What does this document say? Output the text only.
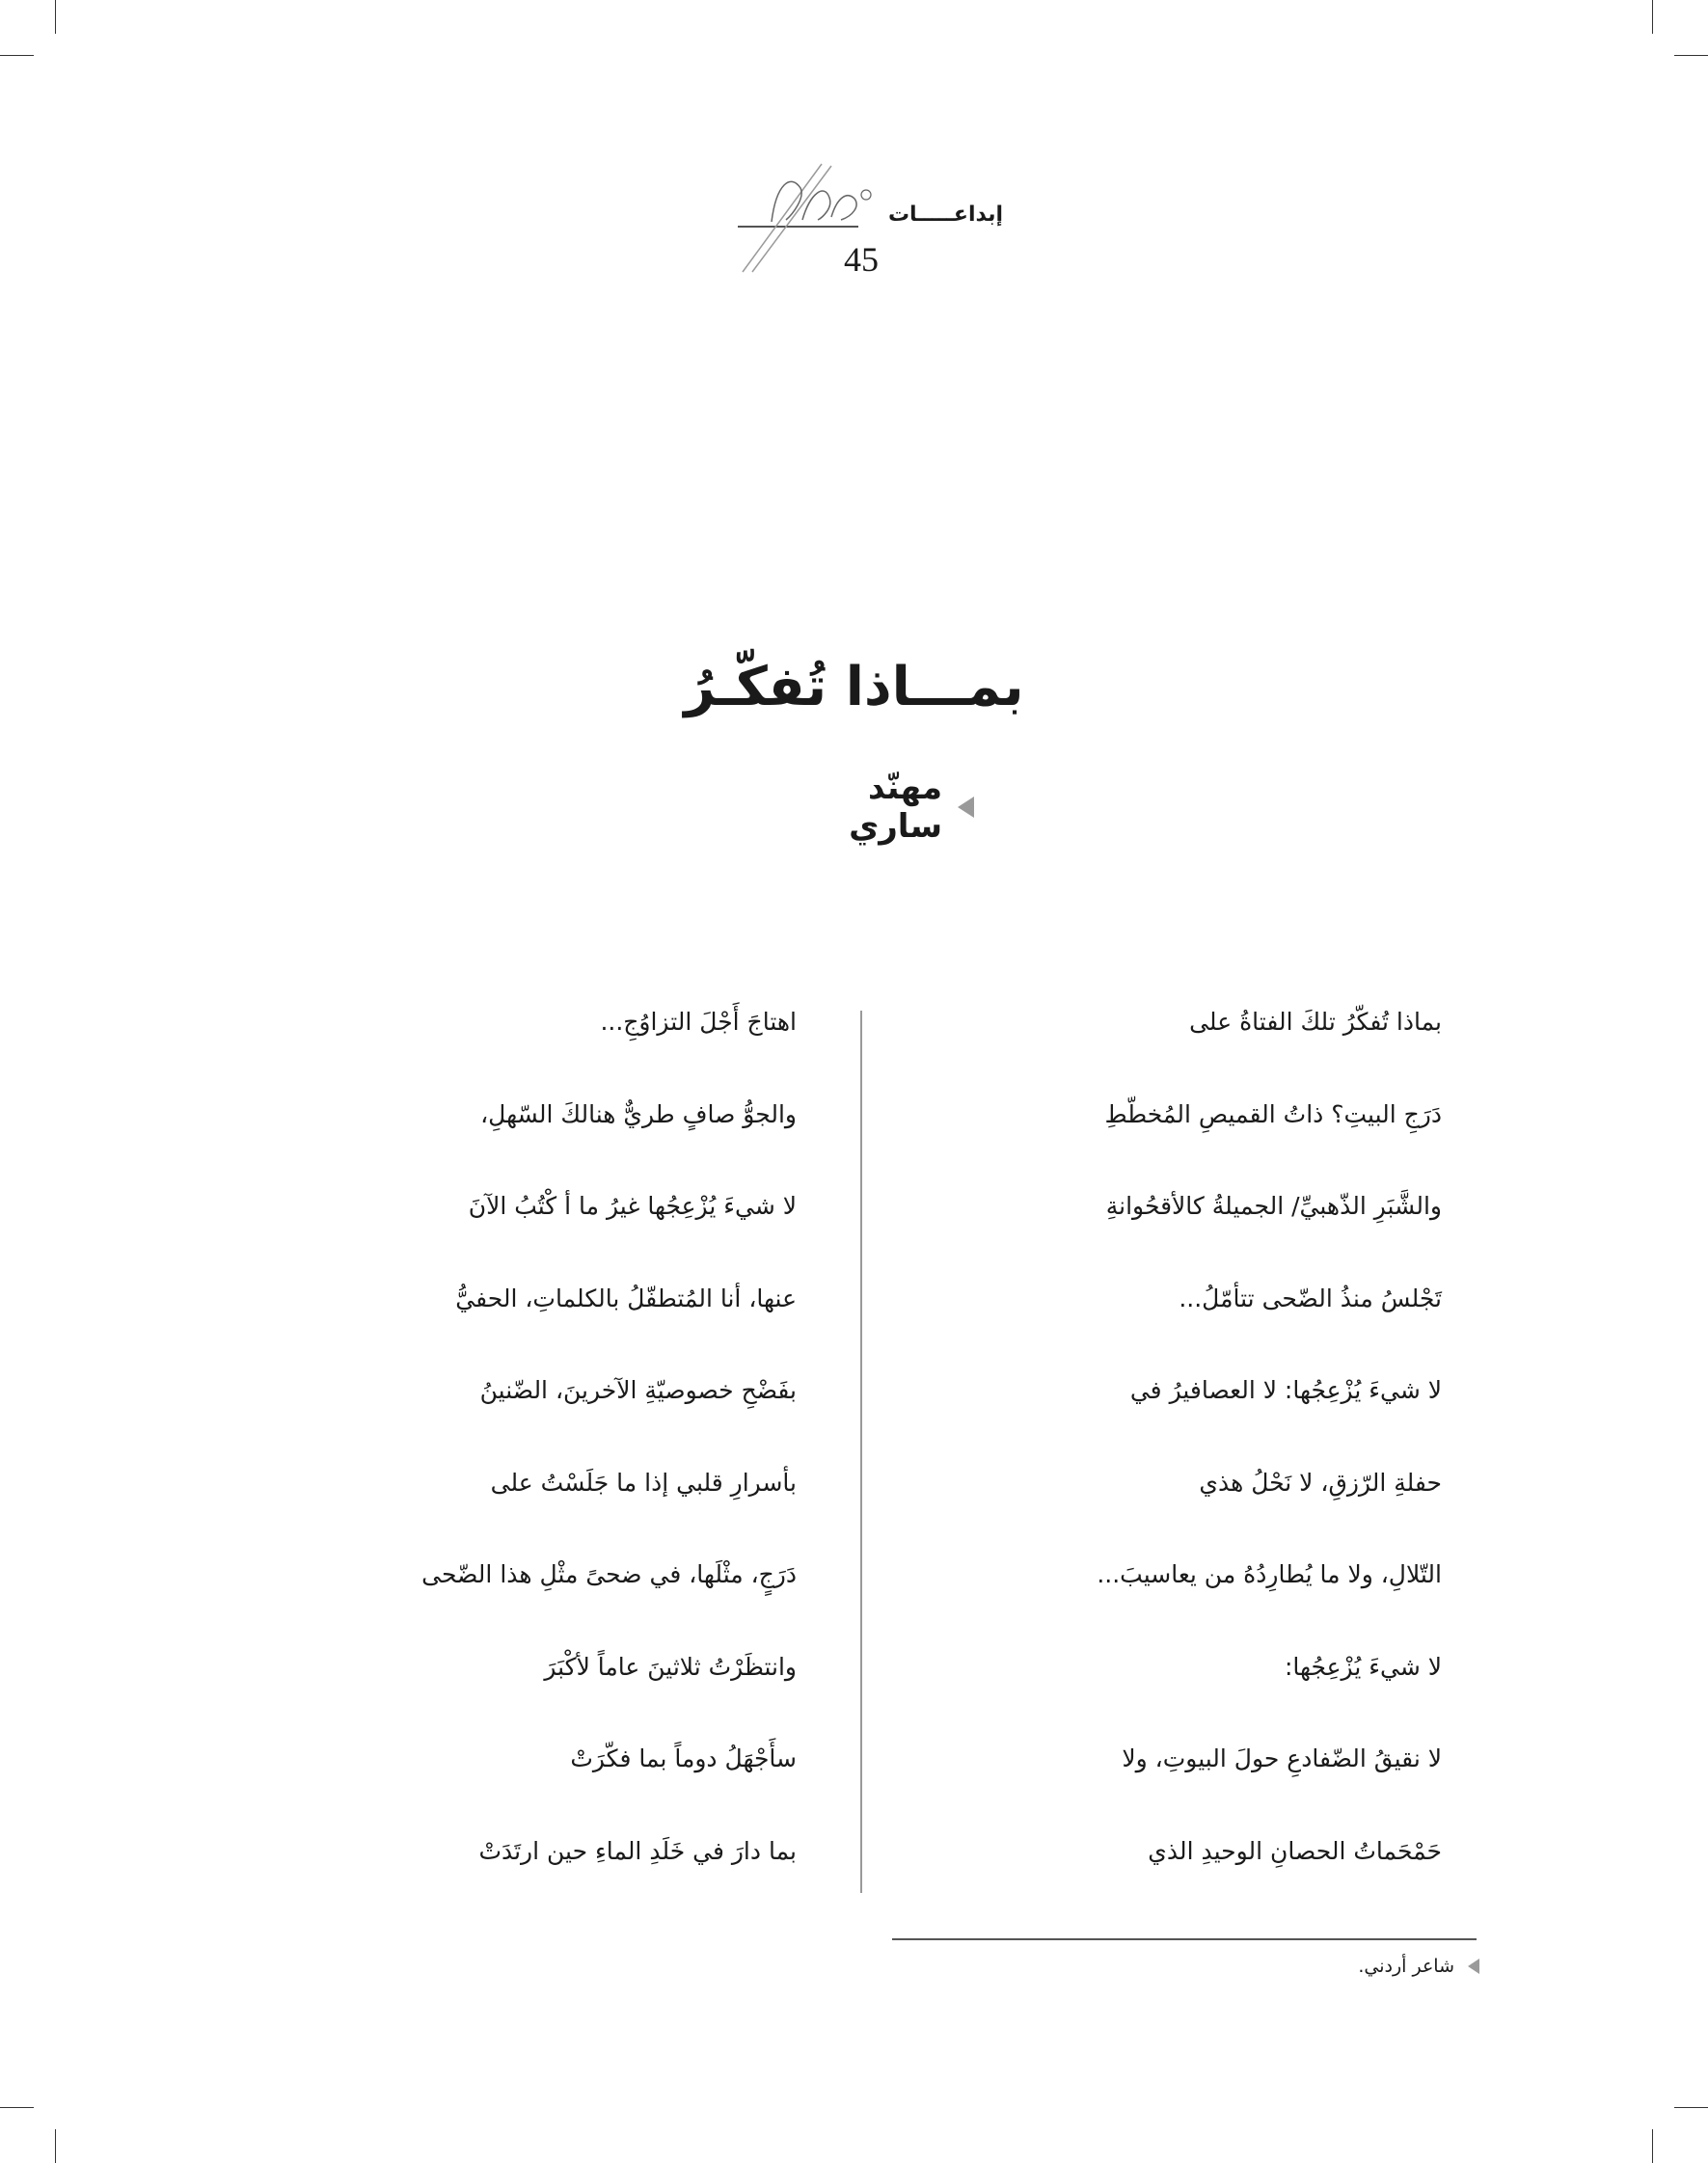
إبداعـــــات
45
بمـــاذا تُفكّـرُ
مهنّد ساري
بماذا تُفكّرُ تلكَ الفتاةُ على
دَرَجِ البيتِ؟ ذاتُ القميصِ المُخطّطِ
والشَّبَرِ الذّهبيِّ/ الجميلةُ كالأقحُوانةِ
تَجْلسُ منذُ الضّحى تتأمّلُ...
لا شيءَ يُزْعِجُها: لا العصافيرُ في
حفلةِ الرّزقِ، لا نَحْلُ هذي
التّلالِ، ولا ما يُطارِدُهُ من يعاسيبَ...
لا شيءَ يُزْعِجُها:
لا نقيقُ الضّفادعِ حولَ البيوتِ، ولا
حَمْحَماتُ الحصانِ الوحيدِ الذي
اهتاجَ أَجْلَ التزاوُجِ...
والجوُّ صافٍ طريٌّ هنالكَ السّهلِ،
لا شيءَ يُزْعِجُها غيرُ ما أ كْتُبُ الآنَ
عنها، أنا المُتطفّلُ بالكلماتِ، الحفيُّ
بفَضْحِ خصوصيّةِ الآخرينَ، الضّنينُ
بأسرارِ قلبي إذا ما جَلَسْتُ على
دَرَجٍ، مثْلَها، في ضحىً مثْلِ هذا الضّحى
وانتظَرْتُ ثلاثينَ عاماً لأكْبَرَ
سأَجْهَلُ دوماً بما فكّرَتْ
بما دارَ في خَلَدِ الماءِ حين ارتَدَتْ
شاعر أردني.
